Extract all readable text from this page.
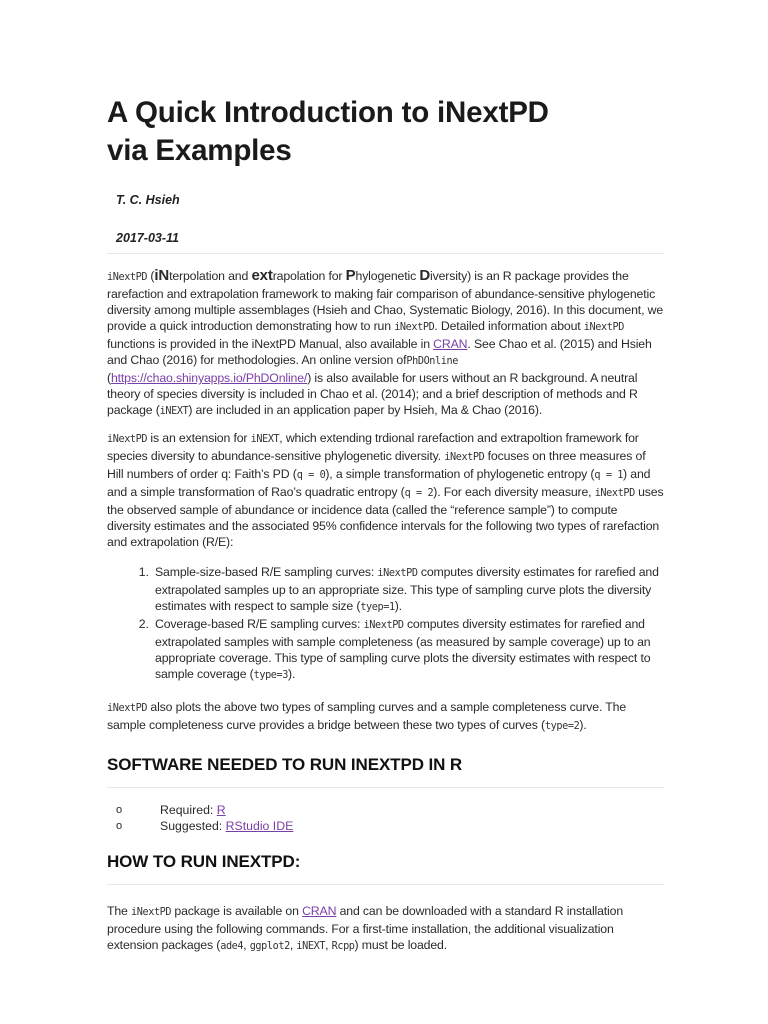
A Quick Introduction to iNextPD
via Examples
T. C. Hsieh
2017-03-11

iNextPD (iNterpolation and extrapolation for Phylogenetic Diversity) is an R package provides the rarefaction and extrapolation framework to making fair comparison of abundance-sensitive phylogenetic diversity among multiple assemblages (Hsieh and Chao, Systematic Biology, 2016). In this document, we provide a quick introduction demonstrating how to run iNextPD. Detailed information about iNextPD functions is provided in the iNextPD Manual, also available in CRAN. See Chao et al. (2015) and Hsieh and Chao (2016) for methodologies. An online version ofPhDOnline (https://chao.shinyapps.io/PhDOnline/) is also available for users without an R background. A neutral theory of species diversity is included in Chao et al. (2014); and a brief description of methods and R package (iNEXT) are included in an application paper by Hsieh, Ma & Chao (2016).

iNextPD is an extension for iNEXT, which extending trdional rarefaction and extrapoltion framework for species diversity to abundance-sensitive phylogenetic diversity. iNextPD focuses on three measures of Hill numbers of order q: Faith’s PD (q = 0), a simple transformation of phylogenetic entropy (q = 1) and and a simple transformation of Rao’s quadratic entropy (q = 2). For each diversity measure, iNextPD uses the observed sample of abundance or incidence data (called the “reference sample”) to compute diversity estimates and the associated 95% confidence intervals for the following two types of rarefaction and extrapolation (R/E):

1. Sample-size-based R/E sampling curves: iNextPD computes diversity estimates for rarefied and extrapolated samples up to an appropriate size. This type of sampling curve plots the diversity estimates with respect to sample size (tyep=1).
2. Coverage-based R/E sampling curves: iNextPD computes diversity estimates for rarefied and extrapolated samples with sample completeness (as measured by sample coverage) up to an appropriate coverage. This type of sampling curve plots the diversity estimates with respect to sample coverage (type=3).

iNextPD also plots the above two types of sampling curves and a sample completeness curve. The sample completeness curve provides a bridge between these two types of curves (type=2).

SOFTWARE NEEDED TO RUN INEXTPD IN R
o	Required: R
o	Suggested: RStudio IDE
HOW TO RUN INEXTPD:

The iNextPD package is available on CRAN and can be downloaded with a standard R installation procedure using the following commands. For a first-time installation, the additional visualization extension packages (ade4, ggplot2, iNEXT, Rcpp) must be loaded.
